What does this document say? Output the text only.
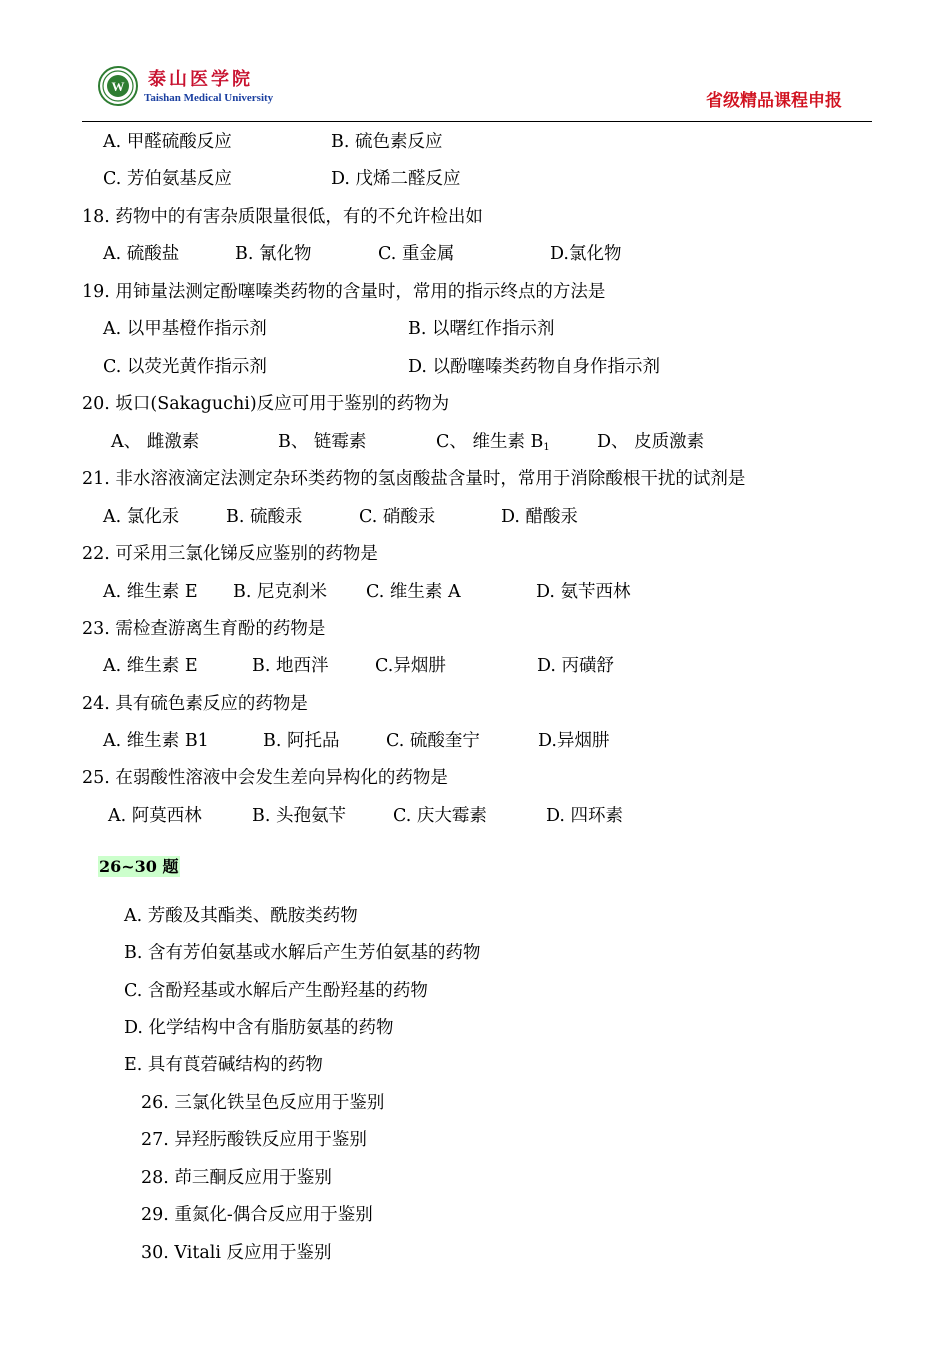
W 泰山医学院
Taishan Medical University	省级精品课程申报
A. 甲醛硫酸反应	B. 硫色素反应
C. 芳伯氨基反应	D. 戊烯二醛反应
18. 药物中的有害杂质限量很低，有的不允许检出如
A. 硫酸盐	B. 氰化物	C. 重金属	D.氯化物
19. 用铈量法测定酚噻嗪类药物的含量时，常用的指示终点的方法是
A. 以甲基橙作指示剂	B. 以曙红作指示剂
C. 以荧光黄作指示剂	D. 以酚噻嗪类药物自身作指示剂
20. 坂口(Sakaguchi)反应可用于鉴别的药物为
A、 雌激素	B、 链霉素	C、 维生素 $B_1$	D、 皮质激素
21. 非水溶液滴定法测定杂环类药物的氢卤酸盐含量时，常用于消除酸根干扰的试剂是
A. 氯化汞	B. 硫酸汞	C. 硝酸汞	D. 醋酸汞
22. 可采用三氯化锑反应鉴别的药物是
A. 维生素 E B. 尼克刹米 C. 维生素 A	D. 氨苄西林
23. 需检查游离生育酚的药物是
A. 维生素 E	B. 地西泮	C.异烟肼	D. 丙磺舒
24. 具有硫色素反应的药物是
A. 维生素 B1	B. 阿托品	C. 硫酸奎宁	D.异烟肼
25. 在弱酸性溶液中会发生差向异构化的药物是
A. 阿莫西林	B. 头孢氨苄	C. 庆大霉素	D. 四环素
26~30 题
A. 芳酸及其酯类、酰胺类药物
B. 含有芳伯氨基或水解后产生芳伯氨基的药物
C. 含酚羟基或水解后产生酚羟基的药物
D. 化学结构中含有脂肪氨基的药物
E. 具有莨菪碱结构的药物
26. 三氯化铁呈色反应用于鉴别
27. 异羟肟酸铁反应用于鉴别
28. 茚三酮反应用于鉴别
29. 重氮化-偶合反应用于鉴别
30. Vitali 反应用于鉴别
